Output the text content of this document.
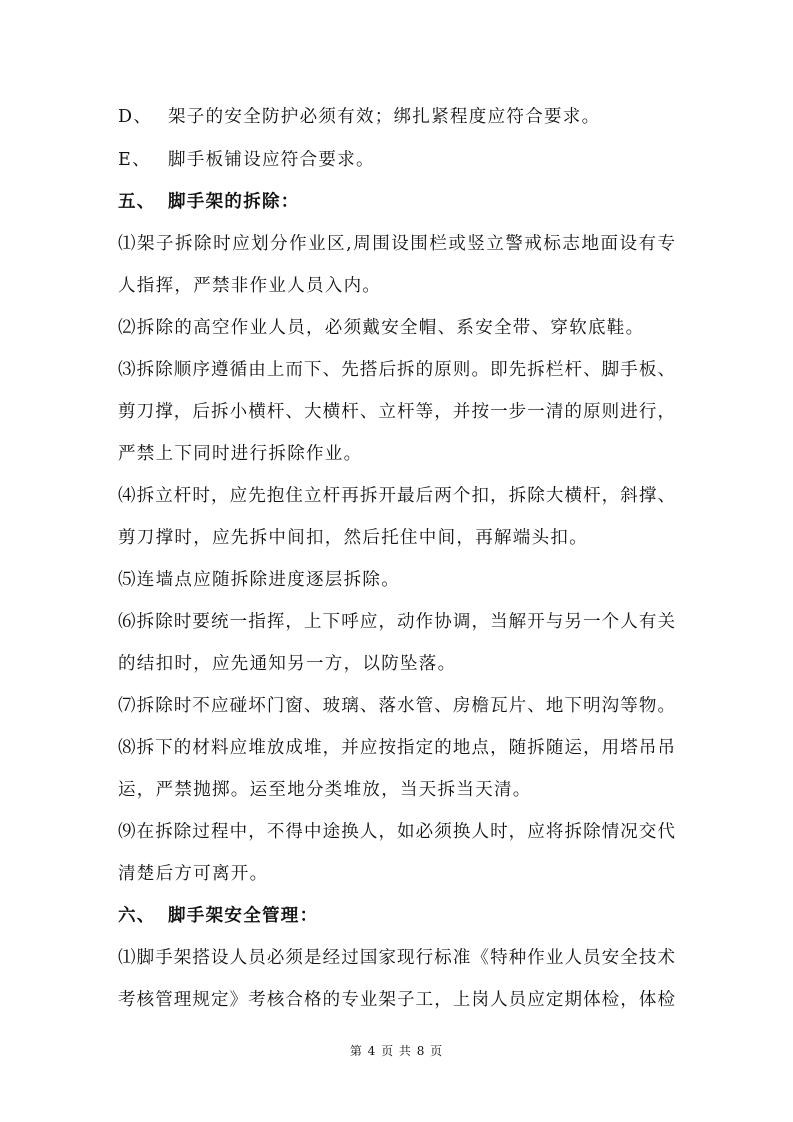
D、 架子的安全防护必须有效；绑扎紧程度应符合要求。
E、 脚手板铺设应符合要求。
五、 脚手架的拆除：
⑴架子拆除时应划分作业区,周围设围栏或竖立警戒标志地面设有专
人指挥，严禁非作业人员入内。
⑵拆除的高空作业人员，必须戴安全帽、系安全带、穿软底鞋。
⑶拆除顺序遵循由上而下、先搭后拆的原则。即先拆栏杆、脚手板、
剪刀撑，后拆小横杆、大横杆、立杆等，并按一步一清的原则进行，
严禁上下同时进行拆除作业。
⑷拆立杆时，应先抱住立杆再拆开最后两个扣，拆除大横杆，斜撑、
剪刀撑时，应先拆中间扣，然后托住中间，再解端头扣。
⑸连墙点应随拆除进度逐层拆除。
⑹拆除时要统一指挥，上下呼应，动作协调，当解开与另一个人有关
的结扣时，应先通知另一方，以防坠落。
⑺拆除时不应碰坏门窗、玻璃、落水管、房檐瓦片、地下明沟等物。
⑻拆下的材料应堆放成堆，并应按指定的地点，随拆随运，用塔吊吊
运，严禁抛掷。运至地分类堆放，当天拆当天清。
⑼在拆除过程中，不得中途换人，如必须换人时，应将拆除情况交代
清楚后方可离开。
六、 脚手架安全管理：
⑴脚手架搭设人员必须是经过国家现行标准《特种作业人员安全技术
考核管理规定》考核合格的专业架子工，上岗人员应定期体检，体检
第 4 页 共 8 页
